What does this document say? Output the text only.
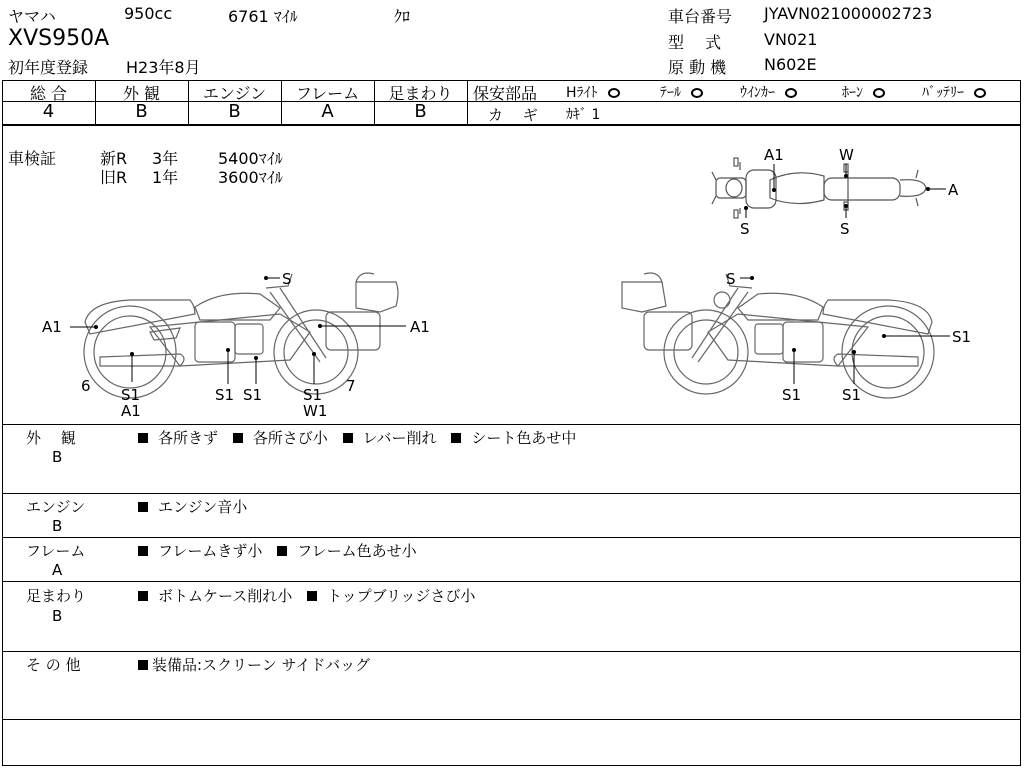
ヤマハ	950cc	6761 ﾏｲﾙ	ｸﾛ
XVS950A
初年度登録 H23年8月
車台番号 JYAVN021000002723
型　 式	VN021
原 動 機 N602E
総 合	外 観	エンジン	フレーム	足まわり
4	B	B	A	B
保安部品 Hﾗｲﾄ	ﾃｰﾙ	ｳｲﾝｶｰ	ﾎｰﾝ	ﾊﾞｯﾃﾘｰ
カ　 ギ ｶｷﾞ 1
車検証	新R 3年 5400ﾏｲﾙ
旧R 1年 3600ﾏｲﾙ
A1	W
A
S	S
S
A1	A1
6	7
S1
A1
S1 S1	S1
W1
S
S1
S1	S1
外　 観
B
各所きず 各所さび小 レバー削れ シート色あせ中
エンジン
B
エンジン音小
フレーム
A
フレームきず小 フレーム色あせ小
足まわり
B
ボトムケース削れ小 トップブリッジさび小
そ の 他	装備品:スクリーン サイドバッグ
